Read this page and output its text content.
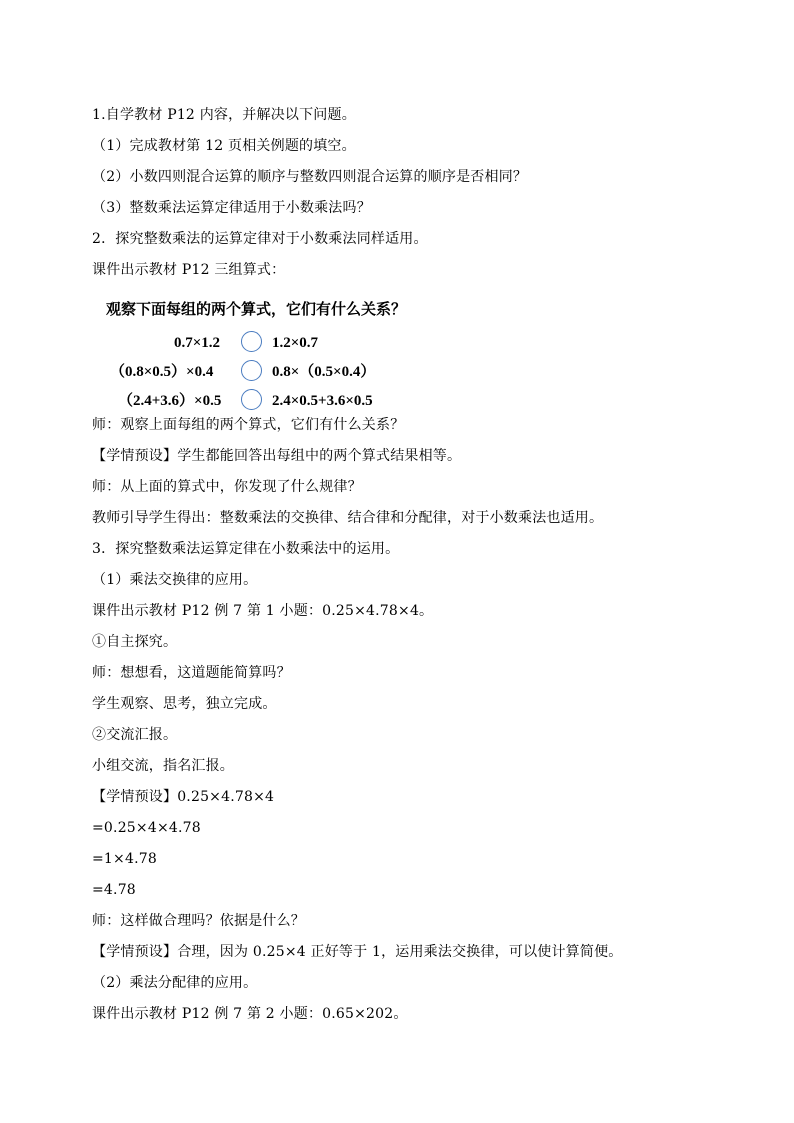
1.自学教材 P12 内容，并解决以下问题。
（1）完成教材第 12 页相关例题的填空。
（2）小数四则混合运算的顺序与整数四则混合运算的顺序是否相同？
（3）整数乘法运算定律适用于小数乘法吗？
2．探究整数乘法的运算定律对于小数乘法同样适用。
课件出示教材 P12 三组算式：
观察下面每组的两个算式，它们有什么关系？
0.7×1.2	1.2×0.7
（0.8×0.5）×0.4	0.8×（0.5×0.4）
（2.4+3.6）×0.5	2.4×0.5+3.6×0.5
师：观察上面每组的两个算式，它们有什么关系？
【学情预设】学生都能回答出每组中的两个算式结果相等。
师：从上面的算式中，你发现了什么规律？
教师引导学生得出：整数乘法的交换律、结合律和分配律，对于小数乘法也适用。
3．探究整数乘法运算定律在小数乘法中的运用。
（1）乘法交换律的应用。
课件出示教材 P12 例 7 第 1 小题：0.25×4.78×4。
①自主探究。
师：想想看，这道题能简算吗？
学生观察、思考，独立完成。
②交流汇报。
小组交流，指名汇报。
【学情预设】0.25×4.78×4
=0.25×4×4.78
=1×4.78
=4.78
师：这样做合理吗？依据是什么？
【学情预设】合理，因为 0.25×4 正好等于 1，运用乘法交换律，可以使计算简便。
（2）乘法分配律的应用。
课件出示教材 P12 例 7 第 2 小题：0.65×202。
